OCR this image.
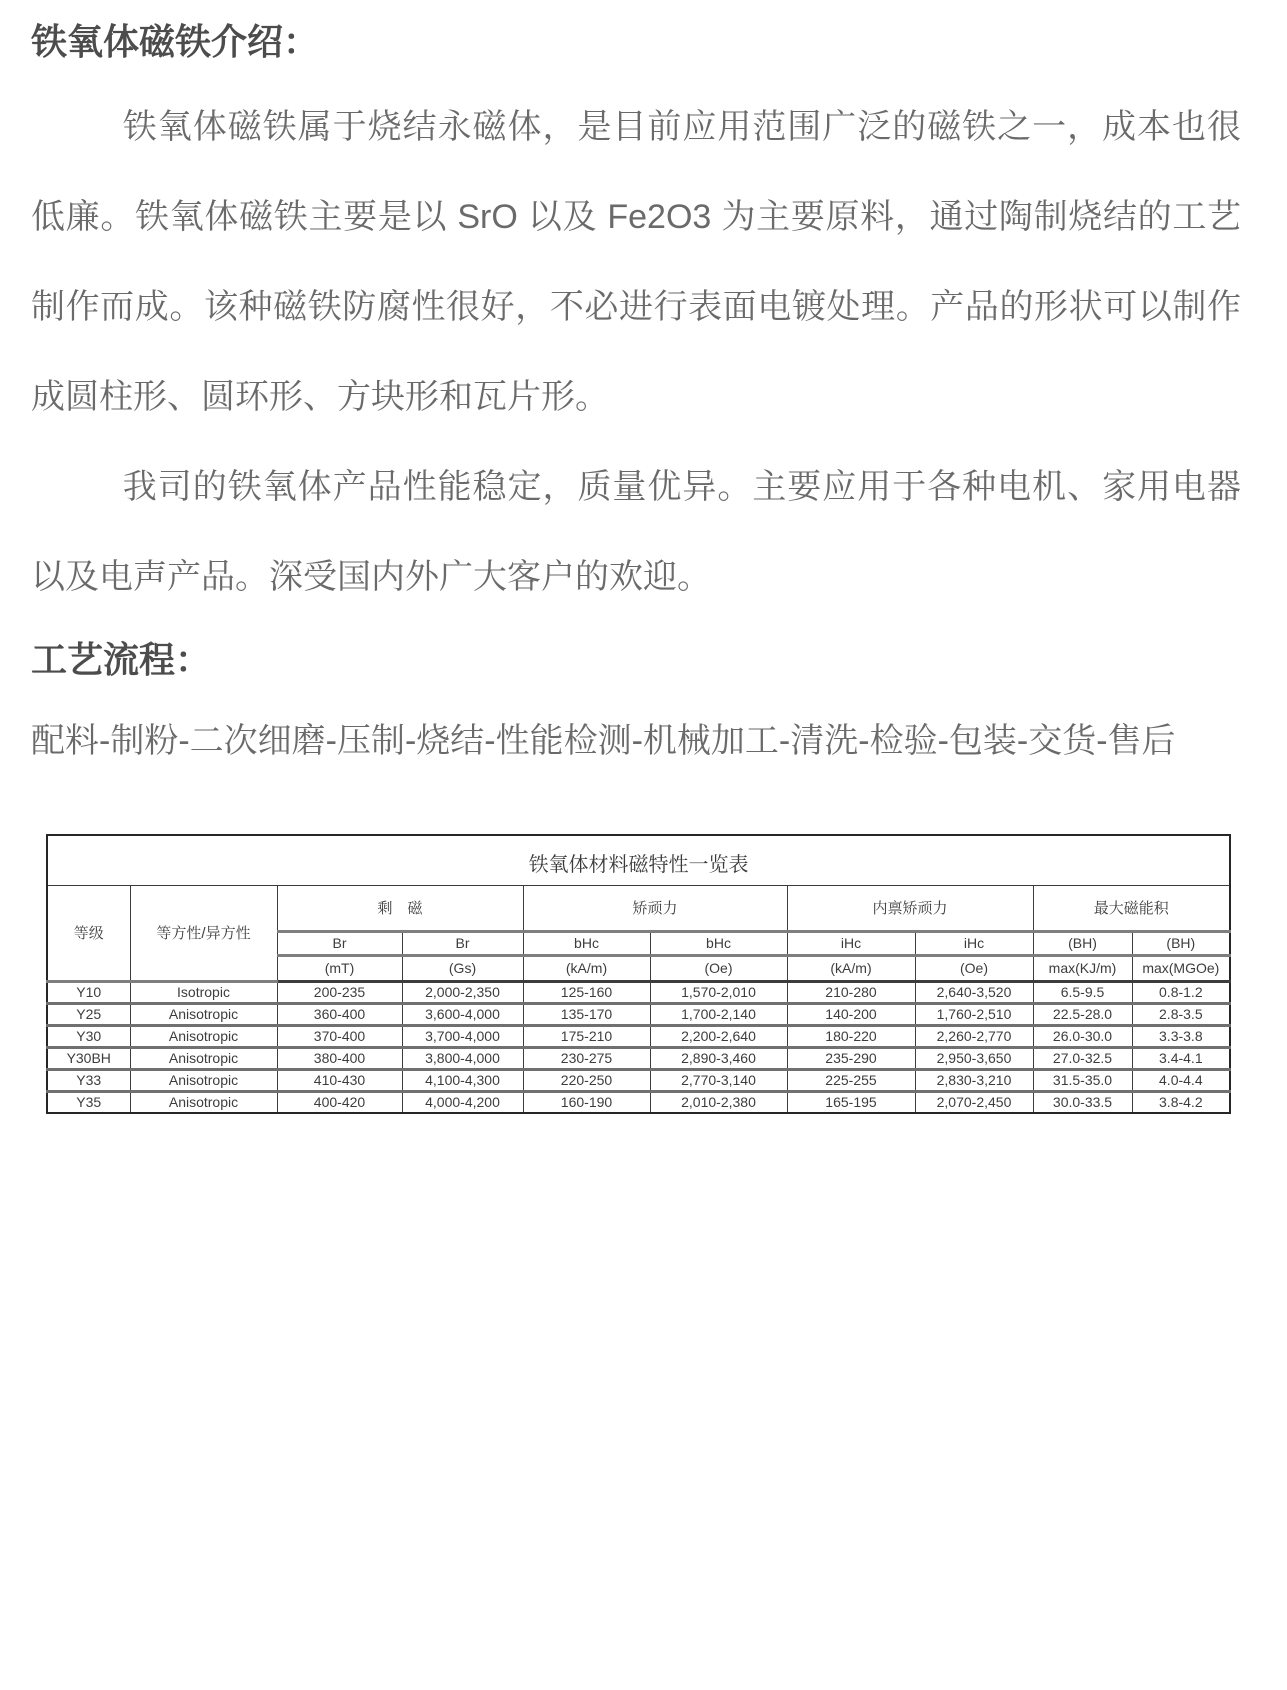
铁氧体磁铁介绍：

铁氧体磁铁属于烧结永磁体，是目前应用范围广泛的磁铁之一，成本也很低廉。铁氧体磁铁主要是以 SrO 以及 Fe2O3 为主要原料，通过陶制烧结的工艺制作而成。该种磁铁防腐性很好，不必进行表面电镀处理。产品的形状可以制作成圆柱形、圆环形、方块形和瓦片形。

我司的铁氧体产品性能稳定，质量优异。主要应用于各种电机、家用电器以及电声产品。深受国内外广大客户的欢迎。

工艺流程：

配料-制粉-二次细磨-压制-烧结-性能检测-机械加工-清洗-检验-包装-交货-售后

铁氧体材料磁特性一览表									
等级	等方性/异方性	剩　磁		矫顽力		内禀矫顽力		最大磁能积	
		Br	Br	bHc	bHc	iHc	iHc	(BH)	(BH)
		(mT)	(Gs)	(kA/m)	(Oe)	(kA/m)	(Oe)	max(KJ/m)	max(MGOe)
Y10	Isotropic	200-235	2,000-2,350	125-160	1,570-2,010	210-280	2,640-3,520	6.5-9.5	0.8-1.2
Y25	Anisotropic	360-400	3,600-4,000	135-170	1,700-2,140	140-200	1,760-2,510	22.5-28.0	2.8-3.5
Y30	Anisotropic	370-400	3,700-4,000	175-210	2,200-2,640	180-220	2,260-2,770	26.0-30.0	3.3-3.8
Y30BH	Anisotropic	380-400	3,800-4,000	230-275	2,890-3,460	235-290	2,950-3,650	27.0-32.5	3.4-4.1
Y33	Anisotropic	410-430	4,100-4,300	220-250	2,770-3,140	225-255	2,830-3,210	31.5-35.0	4.0-4.4
Y35	Anisotropic	400-420	4,000-4,200	160-190	2,010-2,380	165-195	2,070-2,450	30.0-33.5	3.8-4.2
